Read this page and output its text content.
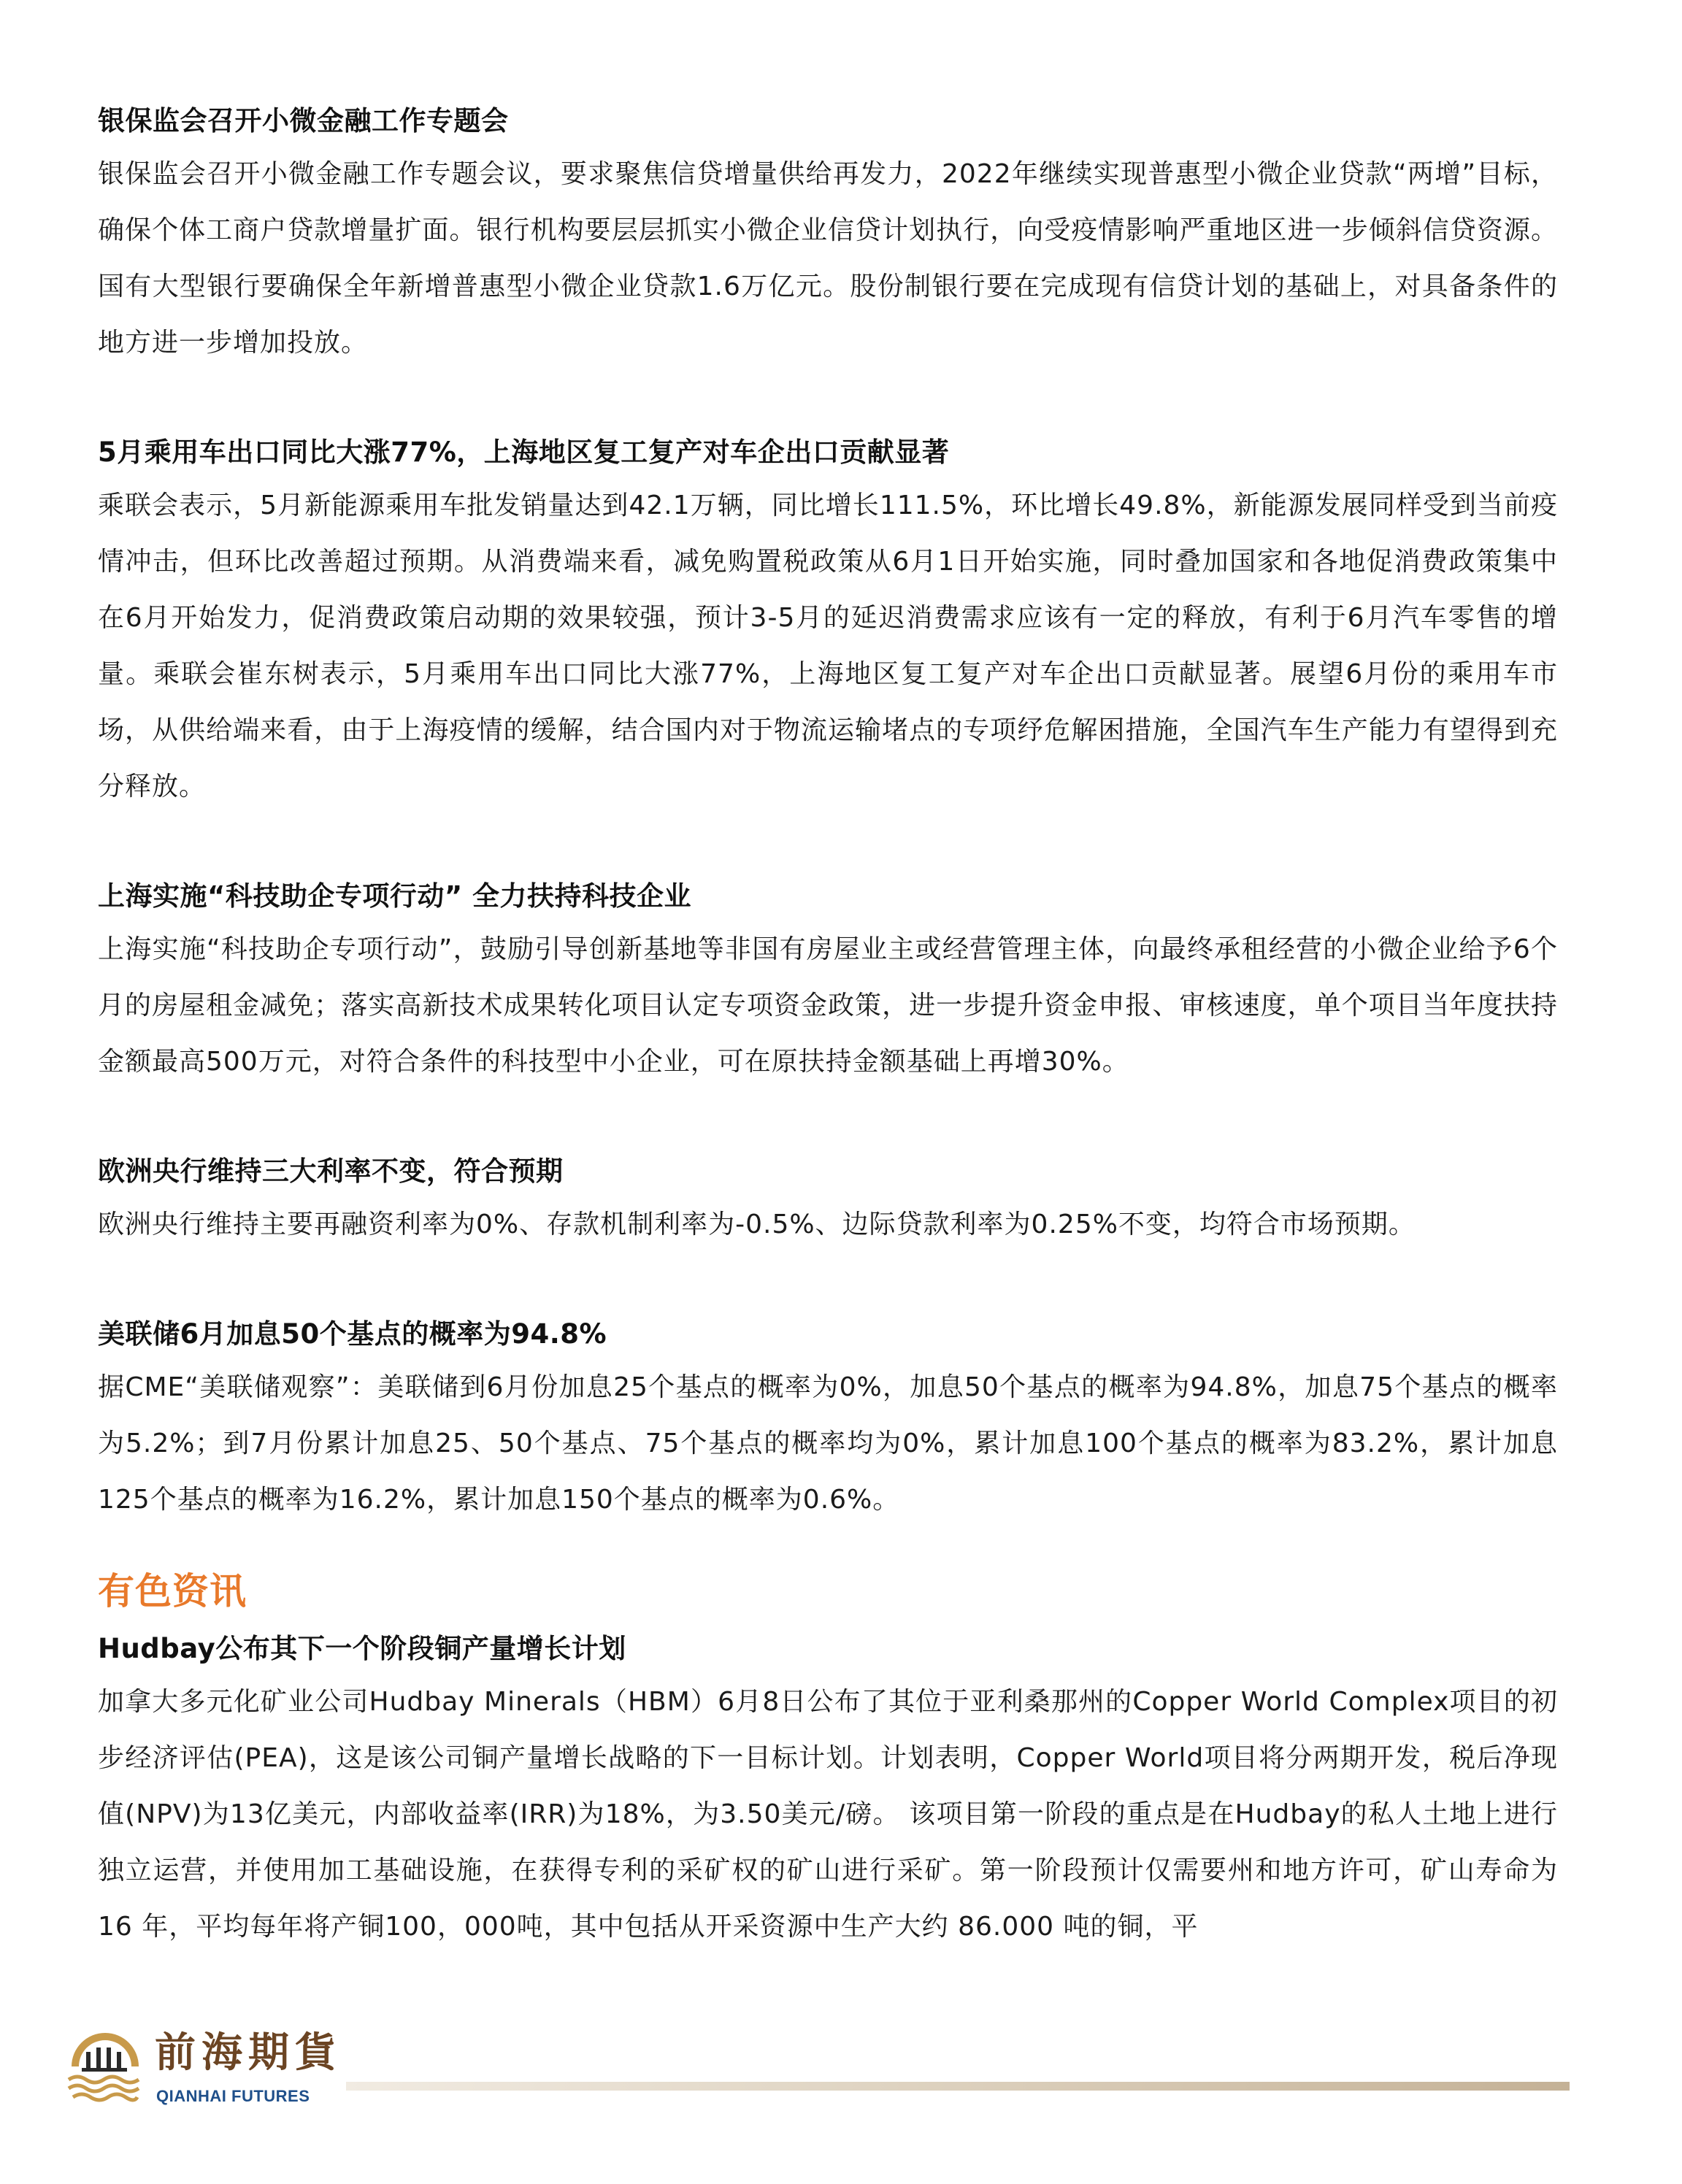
银保监会召开小微金融工作专题会

银保监会召开小微金融工作专题会议，要求聚焦信贷增量供给再发力，2022年继续实现普惠型小微企业贷款“两增”目标，确保个体工商户贷款增量扩面。银行机构要层层抓实小微企业信贷计划执行，向受疫情影响严重地区进一步倾斜信贷资源。国有大型银行要确保全年新增普惠型小微企业贷款1.6万亿元。股份制银行要在完成现有信贷计划的基础上，对具备条件的地方进一步增加投放。

5月乘用车出口同比大涨77%，上海地区复工复产对车企出口贡献显著

乘联会表示，5月新能源乘用车批发销量达到42.1万辆，同比增长111.5%，环比增长49.8%，新能源发展同样受到当前疫情冲击，但环比改善超过预期。从消费端来看，减免购置税政策从6月1日开始实施，同时叠加国家和各地促消费政策集中在6月开始发力，促消费政策启动期的效果较强，预计3-5月的延迟消费需求应该有一定的释放，有利于6月汽车零售的增量。乘联会崔东树表示，5月乘用车出口同比大涨77%，上海地区复工复产对车企出口贡献显著。展望6月份的乘用车市场，从供给端来看，由于上海疫情的缓解，结合国内对于物流运输堵点的专项纾危解困措施，全国汽车生产能力有望得到充分释放。

上海实施“科技助企专项行动” 全力扶持科技企业

上海实施“科技助企专项行动”，鼓励引导创新基地等非国有房屋业主或经营管理主体，向最终承租经营的小微企业给予6个月的房屋租金减免；落实高新技术成果转化项目认定专项资金政策，进一步提升资金申报、审核速度，单个项目当年度扶持金额最高500万元，对符合条件的科技型中小企业，可在原扶持金额基础上再增30%。

欧洲央行维持三大利率不变，符合预期

欧洲央行维持主要再融资利率为0%、存款机制利率为-0.5%、边际贷款利率为0.25%不变，均符合市场预期。

美联储6月加息50个基点的概率为94.8%

据CME“美联储观察”：美联储到6月份加息25个基点的概率为0%，加息50个基点的概率为94.8%，加息75个基点的概率为5.2%；到7月份累计加息25、50个基点、75个基点的概率均为0%，累计加息100个基点的概率为83.2%，累计加息125个基点的概率为16.2%，累计加息150个基点的概率为0.6%。

有色资讯
Hudbay公布其下一个阶段铜产量增长计划

加拿大多元化矿业公司Hudbay Minerals（HBM）6月8日公布了其位于亚利桑那州的Copper World Complex项目的初步经济评估(PEA)，这是该公司铜产量增长战略的下一目标计划。计划表明，Copper World项目将分两期开发，税后净现值(NPV)为13亿美元，内部收益率(IRR)为18%，为3.50美元/磅。 该项目第一阶段的重点是在Hudbay的私人土地上进行独立运营，并使用加工基础设施，在获得专利的采矿权的矿山进行采矿。第一阶段预计仅需要州和地方许可，矿山寿命为 16 年，平均每年将产铜100，000吨，其中包括从开采资源中生产大约 86.000 吨的铜，平

前海期貨
QIANHAI FUTURES
